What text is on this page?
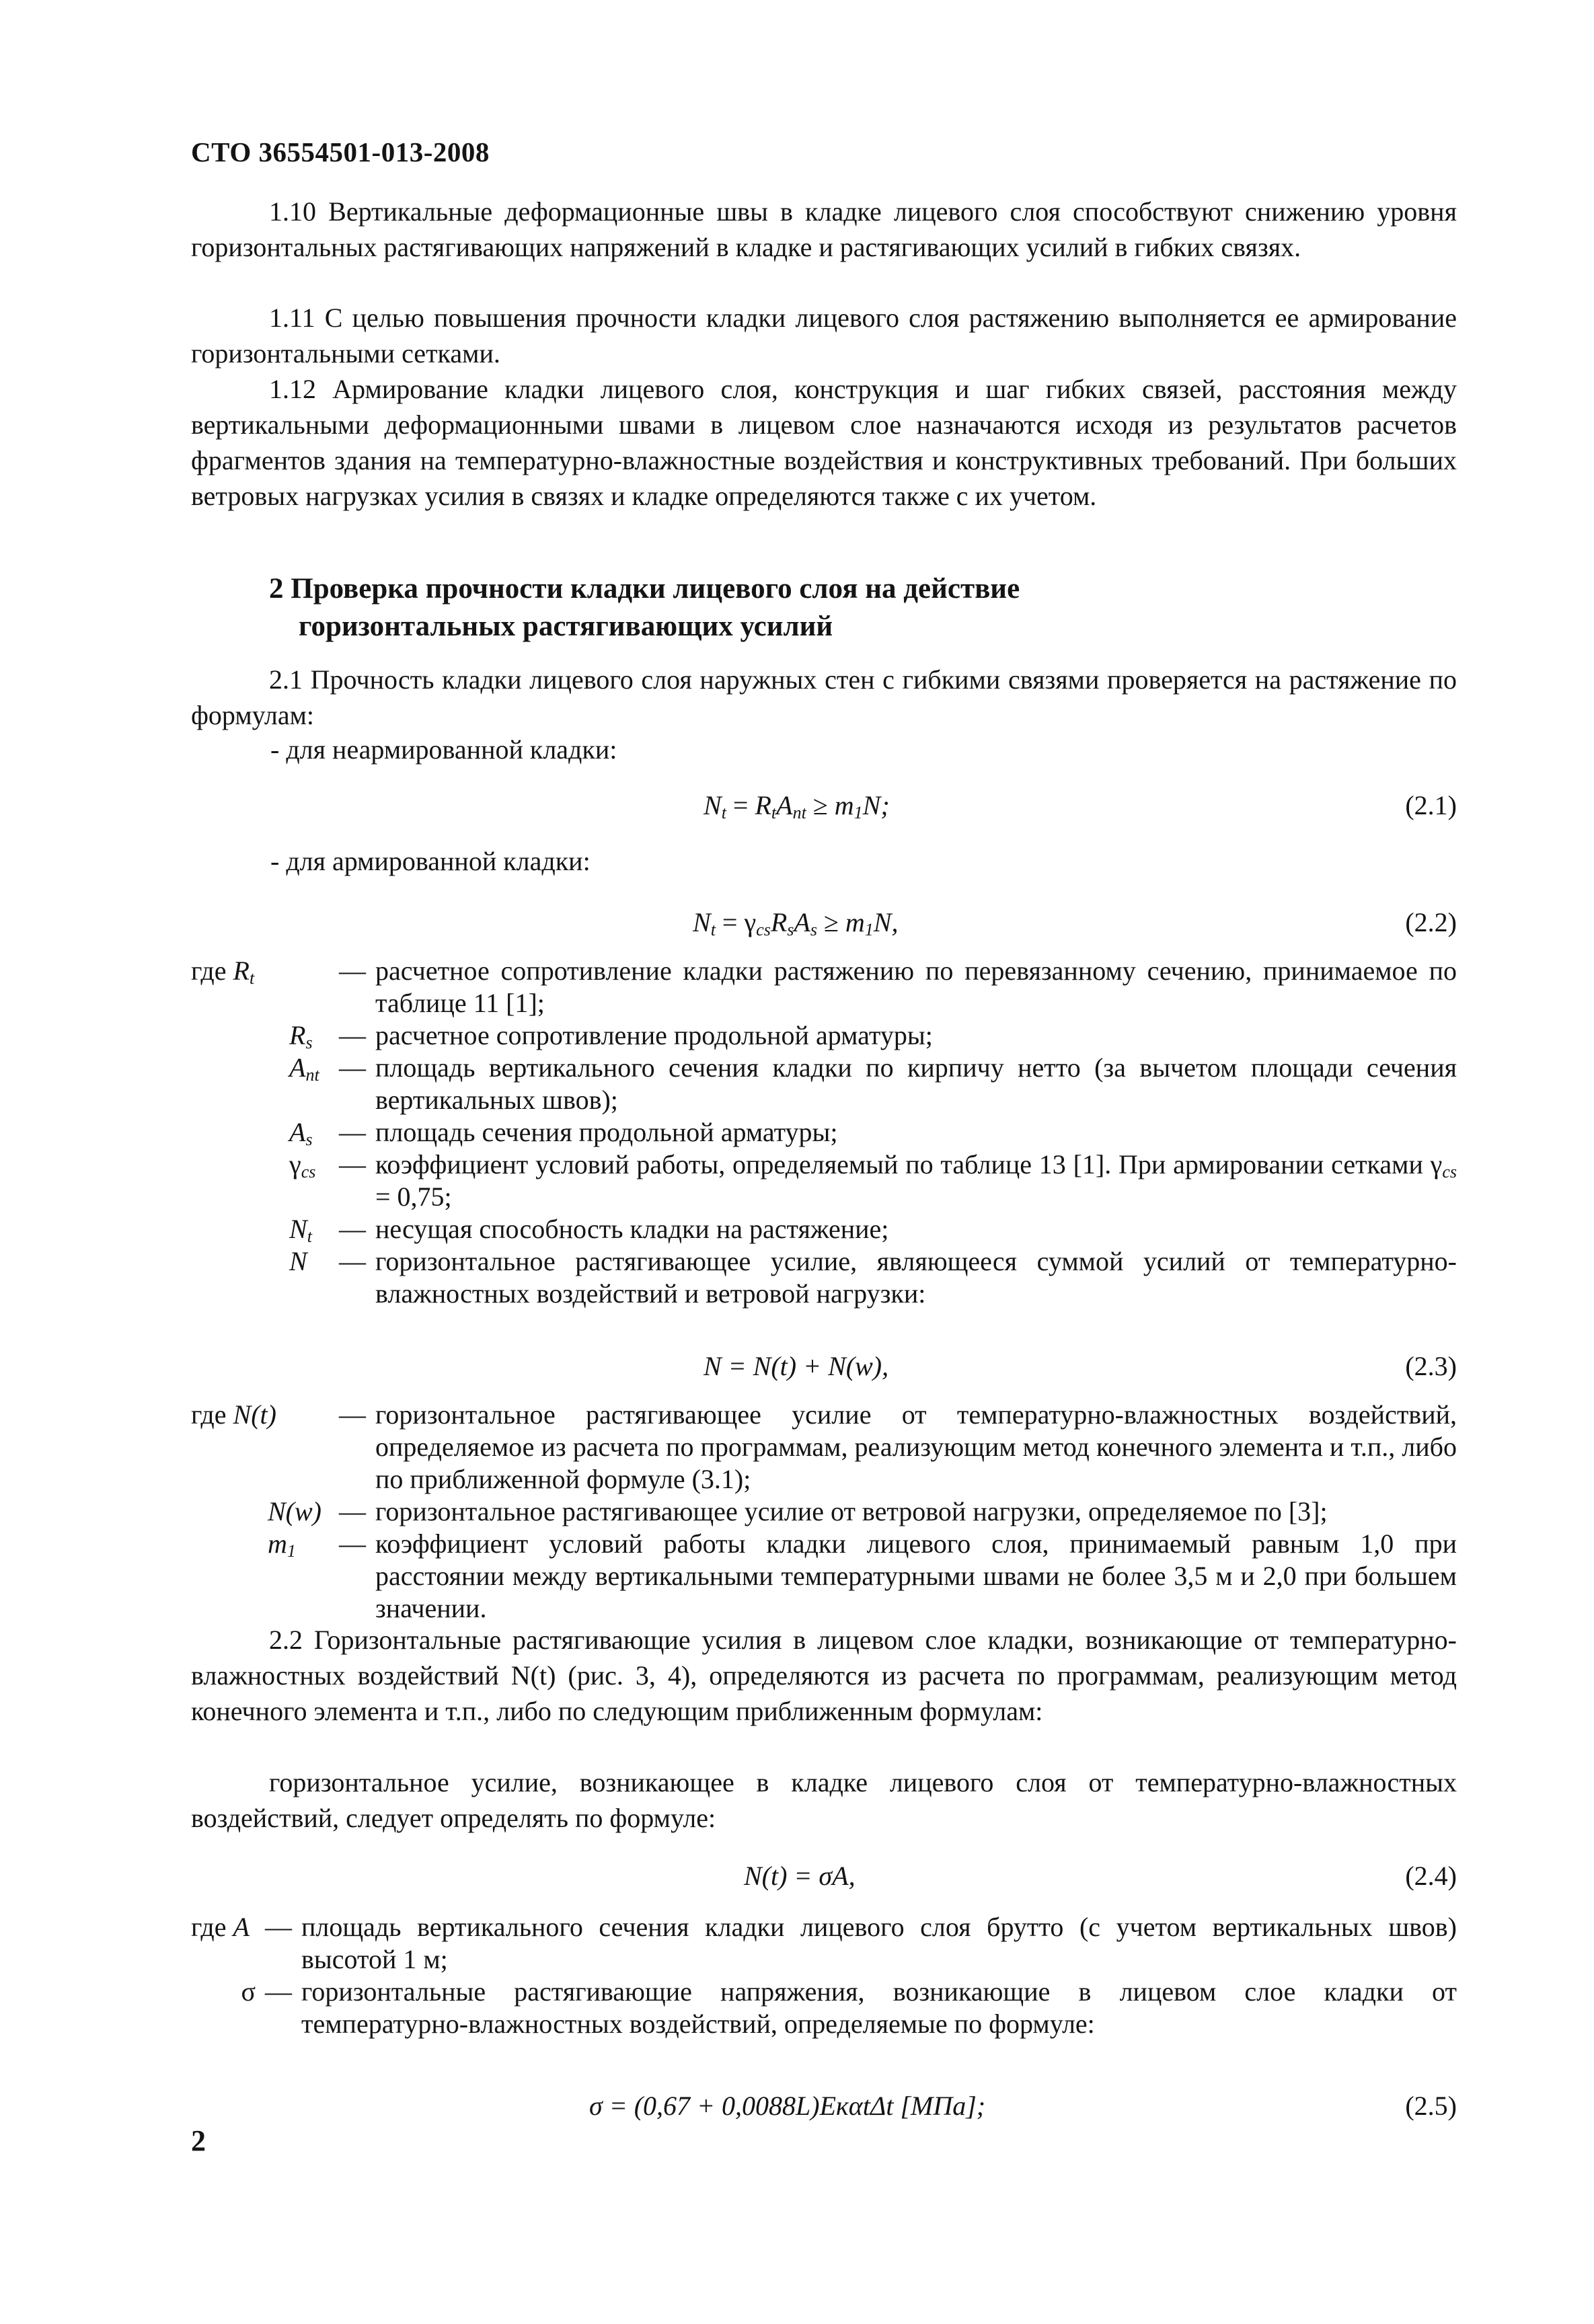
СТО 36554501-013-2008
1.10 Вертикальные деформационные швы в кладке лицевого слоя способствуют снижению уровня горизонтальных растягивающих напряжений в кладке и растягивающих усилий в гибких связях.
1.11 С целью повышения прочности кладки лицевого слоя растяжению выполняется ее армирование горизонтальными сетками.
1.12 Армирование кладки лицевого слоя, конструкция и шаг гибких связей, расстояния между вертикальными деформационными швами в лицевом слое назначаются исходя из результатов расчетов фрагментов здания на температурно-влажностные воздействия и конструктивных требований. При больших ветровых нагрузках усилия в связях и кладке определяются также с их учетом.
2 Проверка прочности кладки лицевого слоя на действие
горизонтальных растягивающих усилий
2.1 Прочность кладки лицевого слоя наружных стен с гибкими связями проверяется на растяжение по формулам:
- для неармированной кладки:
$N_t = R_tA_{nt} \ge m_1N$;	(2.1)
- для армированной кладки:
$N_t = \gamma_{cs}R_sA_s \ge m_1N$,	(2.2)
где $R_t$	— расчетное сопротивление кладки растяжению по перевязанному сечению, принимаемое по таблице 11 [1];
$R_s$ — расчетное сопротивление продольной арматуры;
$A_{nt}$ — площадь вертикального сечения кладки по кирпичу нетто (за вычетом площади сечения вертикальных швов);
$A_s$ — площадь сечения продольной арматуры;
$\gamma_{cs}$ — коэффициент условий работы, определяемый по таблице 13 [1]. При армировании сетками $\gamma_{cs} = 0,75$;
$N_t$	— несущая способность кладки на растяжение;
N	— горизонтальное растягивающее усилие, являющееся суммой усилий от температурно-влажностных воздействий и ветровой нагрузки:
N = N(t) + N(w),	(2.3)
где N(t)	— горизонтальное растягивающее усилие от температурно-влажностных воздействий, определяемое из расчета по программам, реализующим метод конечного элемента и т.п., либо по приближенной формуле (3.1);
N(w) — горизонтальное растягивающее усилие от ветровой нагрузки, определяемое по [3];
$m_1$	— коэффициент условий работы кладки лицевого слоя, принимаемый равным 1,0 при расстоянии между вертикальными температурными швами не более 3,5 м и 2,0 при большем значении.
2.2 Горизонтальные растягивающие усилия в лицевом слое кладки, возникающие от температурно-влажностных воздействий N(t) (рис. 3, 4), определяются из расчета по программам, реализующим метод конечного элемента и т.п., либо по следующим приближенным формулам:
горизонтальное усилие, возникающее в кладке лицевого слоя от температурно-влажностных воздействий, следует определять по формуле:
N(t) = σA,	(2.4)
где A — площадь вертикального сечения кладки лицевого слоя брутто (с учетом вертикальных швов) высотой 1 м;
σ — горизонтальные растягивающие напряжения, возникающие в лицевом слое кладки от температурно-влажностных воздействий, определяемые по формуле:
σ = (0,67 + 0,0088L)EкαtΔt [МПа];	(2.5)
2
